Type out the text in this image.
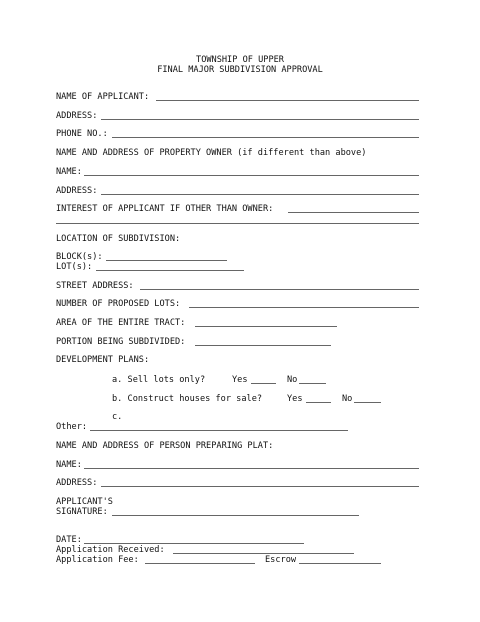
TOWNSHIP OF UPPER
FINAL MAJOR SUBDIVISION APPROVAL
NAME OF APPLICANT:
ADDRESS:
PHONE NO.:
NAME AND ADDRESS OF PROPERTY OWNER (if different than above)
NAME:
ADDRESS:
INTEREST OF APPLICANT IF OTHER THAN OWNER:
LOCATION OF SUBDIVISION:
BLOCK(s):
LOT(s):
STREET ADDRESS:
NUMBER OF PROPOSED LOTS:
AREA OF THE ENTIRE TRACT:
PORTION BEING SUBDIVIDED:
DEVELOPMENT PLANS:
a. Sell lots only?	Yes	No
b. Construct houses for sale?	Yes	No
c.
Other:
NAME AND ADDRESS OF PERSON PREPARING PLAT:
NAME:
ADDRESS:
APPLICANT'S
SIGNATURE:
DATE:
Application Received:
Application Fee:	Escrow
